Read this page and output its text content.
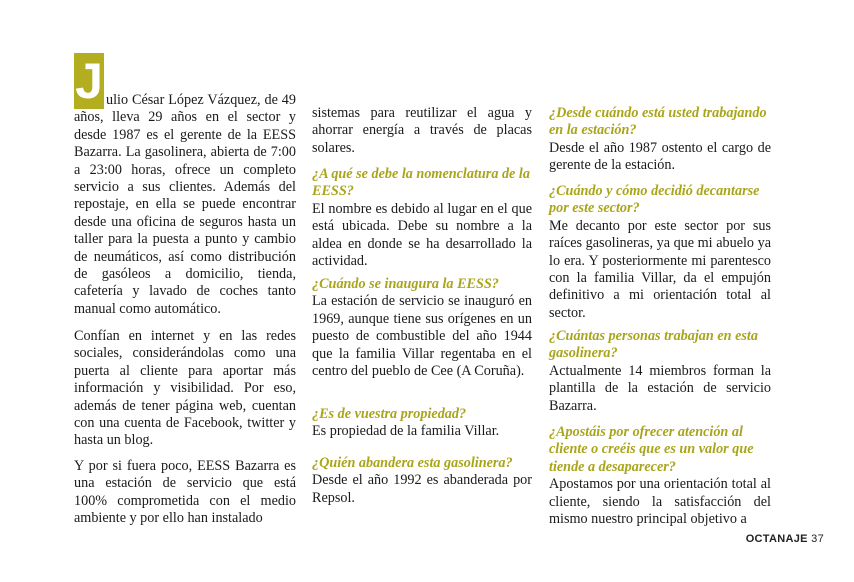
J ulio César López Vázquez, de 49 años, lleva 29 años en el sector y desde 1987 es el gerente de la EESS Bazarra. La gasolinera, abierta de 7:00 a 23:00 horas, ofrece un completo servicio a sus clientes. Además del repostaje, en ella se puede encontrar desde una oficina de seguros hasta un taller para la puesta a punto y cambio de neumáticos, así como distribución de gasóleos a domicilio, tienda, cafetería y lavado de coches tanto manual como automático.

Confían en internet y en las redes sociales, considerándolas como una puerta al cliente para aportar más información y visibilidad. Por eso, además de tener página web, cuentan con una cuenta de Facebook, twitter y hasta un blog.

Y por si fuera poco, EESS Bazarra es una estación de servicio que está 100% comprometida con el medio ambiente y por ello han instalado

sistemas para reutilizar el agua y ahorrar energía a través de placas solares.

¿A qué se debe la nomenclatura de la EESS?

El nombre es debido al lugar en el que está ubicada. Debe su nombre a la aldea en donde se ha desarrollado la actividad.

¿Cuándo se inaugura la EESS?

La estación de servicio se inauguró en 1969, aunque tiene sus orígenes en un puesto de combustible del año 1944 que la familia Villar regentaba en el centro del pueblo de Cee (A Coruña).

¿Es de vuestra propiedad?

Es propiedad de la familia Villar.

¿Quién abandera esta gasolinera?

Desde el año 1992 es abanderada por Repsol.

¿Desde cuándo está usted trabajando en la estación?

Desde el año 1987 ostento el cargo de gerente de la estación.

¿Cuándo y cómo decidió decantarse por este sector?

Me decanto por este sector por sus raíces gasolineras, ya que mi abuelo ya lo era. Y posteriormente mi parentesco con la familia Villar, da el empujón definitivo a mi orientación total al sector.

¿Cuántas personas trabajan en esta gasolinera?

Actualmente 14 miembros forman la plantilla de la estación de servicio Bazarra.

¿Apostáis por ofrecer atención al cliente o creéis que es un valor que tiende a desaparecer?

Apostamos por una orientación total al cliente, siendo la satisfacción del mismo nuestro principal objetivo a

OCTANAJE 37
